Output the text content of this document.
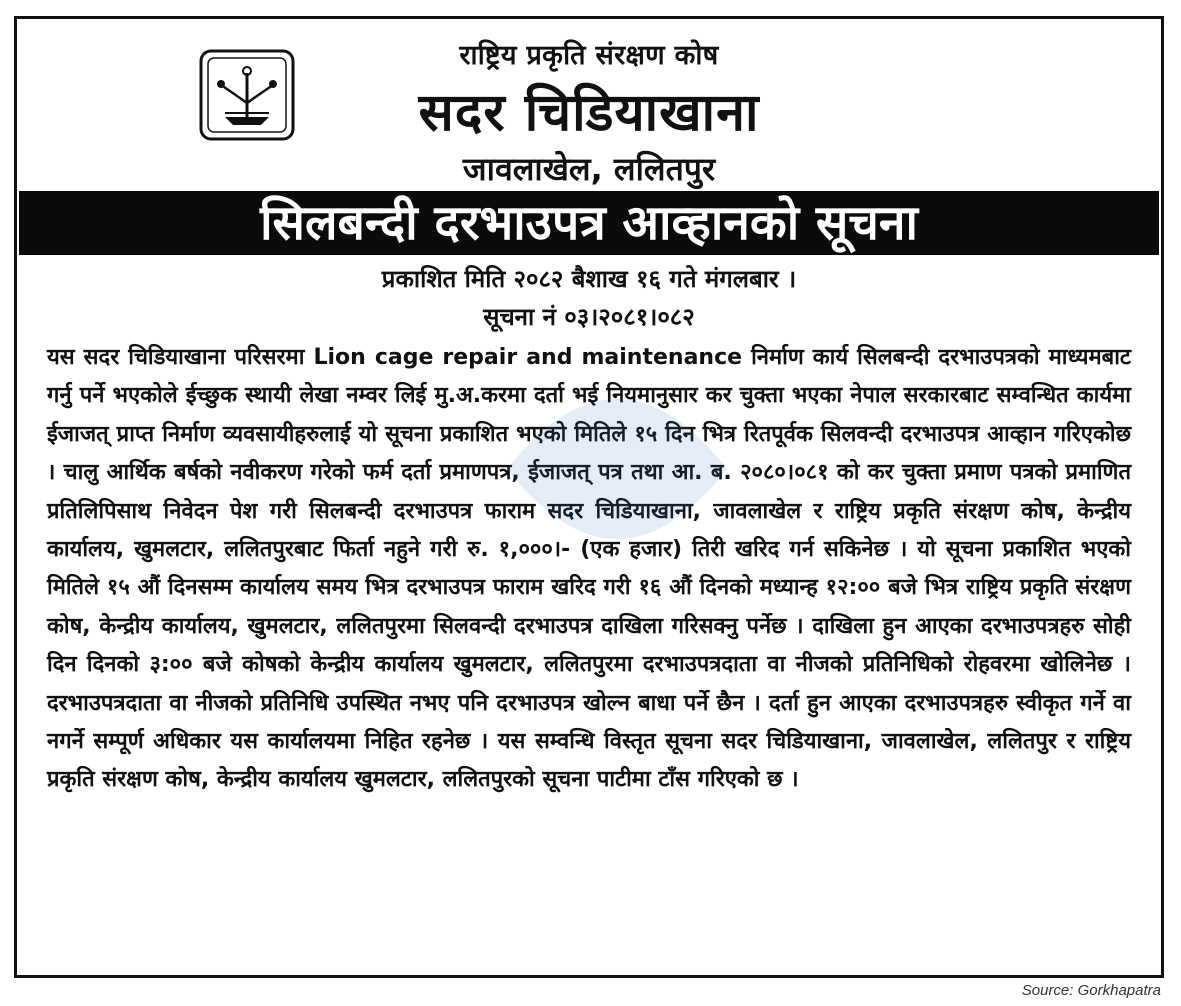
राष्ट्रिय प्रकृति संरक्षण कोष
सदर चिडियाखाना
जावलाखेल, ललितपुर
सिलबन्दी दरभाउपत्र आव्हानको सूचना
प्रकाशित मिति २०८२ बैशाख १६ गते मंगलबार ।
सूचना नं ०३।२०८१।०८२
यस सदर चिडियाखाना परिसरमा Lion cage repair and maintenance निर्माण कार्य सिलबन्दी दरभाउपत्रको माध्यमबाट गर्नु पर्ने भएकोले ईच्छुक स्थायी लेखा नम्वर लिई मु.अ.करमा दर्ता भई नियमानुसार कर चुक्ता भएका नेपाल सरकारबाट सम्वन्धित कार्यमा ईजाजत् प्राप्त निर्माण व्यवसायीहरुलाई यो सूचना प्रकाशित भएको मितिले १५ दिन भित्र रितपूर्वक सिलवन्दी दरभाउपत्र आव्हान गरिएकोछ । चालु आर्थिक बर्षको नवीकरण गरेको फर्म दर्ता प्रमाणपत्र, ईजाजत् पत्र तथा आ. ब. २०८०।०८१ को कर चुक्ता प्रमाण पत्रको प्रमाणित प्रतिलिपिसाथ निवेदन पेश गरी सिलबन्दी दरभाउपत्र फाराम सदर चिडियाखाना, जावलाखेल र राष्ट्रिय प्रकृति संरक्षण कोष, केन्द्रीय कार्यालय, खुमलटार, ललितपुरबाट फिर्ता नहुने गरी रु. १,०००।- (एक हजार) तिरी खरिद गर्न सकिनेछ । यो सूचना प्रकाशित भएको मितिले १५ औं दिनसम्म कार्यालय समय भित्र दरभाउपत्र फाराम खरिद गरी १६ औं दिनको मध्यान्ह १२:०० बजे भित्र राष्ट्रिय प्रकृति संरक्षण कोष, केन्द्रीय कार्यालय, खुमलटार, ललितपुरमा सिलवन्दी दरभाउपत्र दाखिला गरिसक्नु पर्नेछ । दाखिला हुन आएका दरभाउपत्रहरु सोही दिन दिनको ३:०० बजे कोषको केन्द्रीय कार्यालय खुमलटार, ललितपुरमा दरभाउपत्रदाता वा नीजको प्रतिनिधिको रोहवरमा खोलिनेछ । दरभाउपत्रदाता वा नीजको प्रतिनिधि उपस्थित नभए पनि दरभाउपत्र खोल्न बाधा पर्ने छैन । दर्ता हुन आएका दरभाउपत्रहरु स्वीकृत गर्ने वा नगर्ने सम्पूर्ण अधिकार यस कार्यालयमा निहित रहनेछ । यस सम्वन्धि विस्तृत सूचना सदर चिडियाखाना, जावलाखेल, ललितपुर र राष्ट्रिय प्रकृति संरक्षण कोष, केन्द्रीय कार्यालय खुमलटार, ललितपुरको सूचना पाटीमा टाँस गरिएको छ ।
Source: Gorkhapatra
